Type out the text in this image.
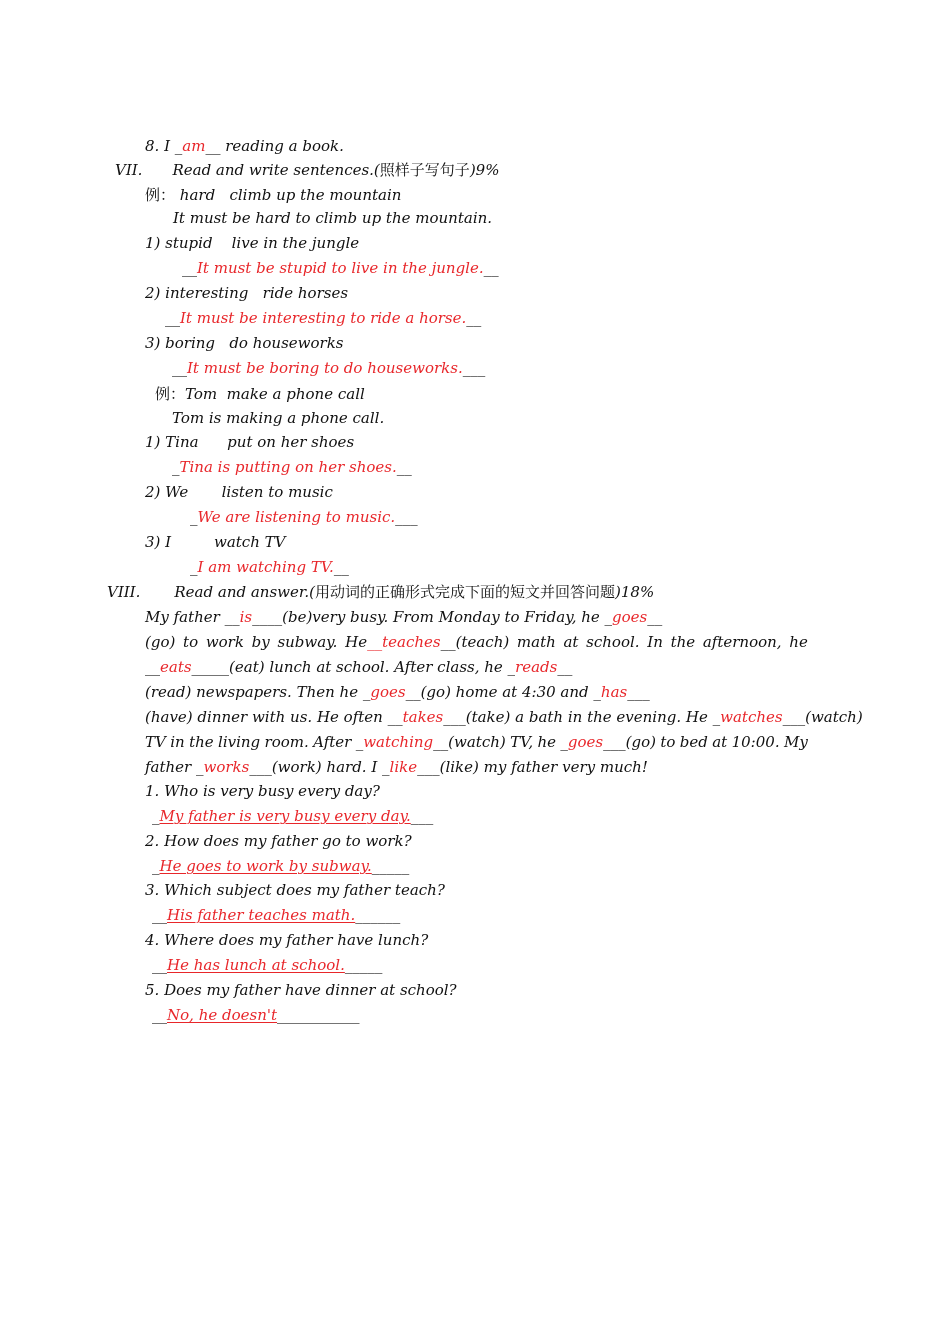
8. I _am__ reading a book.
VII. Read and write sentences.(照样子写句子)9%
例： hard   climb up the mountain
It must be hard to climb up the mountain.
1) stupid    live in the jungle
__It must be stupid to live in the jungle.__
2) interesting   ride horses
__It must be interesting to ride a horse.__
3) boring   do houseworks
__It must be boring to do houseworks.___
例：Tom  make a phone call
Tom is making a phone call.
1) Tina      put on her shoes
_Tina is putting on her shoes.__
2) We       listen to music
_We are listening to music.___
3) I         watch TV
_I am watching TV.__
VIII. Read and answer.(用动词的正确形式完成下面的短文并回答问题)18%
My father __is____(be)very busy. From Monday to Friday, he _goes__
(go) to work by subway. He__teaches__(teach) math at school. In the afternoon, he
__eats_____(eat) lunch at school. After class, he _reads__
(read) newspapers. Then he _goes__(go) home at 4:30 and _has___
(have) dinner with us. He often __takes___(take) a bath in the evening. He _watches___(watch)
TV in the living room. After _watching__(watch) TV, he _goes___(go) to bed at 10:00. My
father _works___(work) hard. I _like___(like) my father very much!
1. Who is very busy every day?
_My father is very busy every day.___
2. How does my father go to work?
_He goes to work by subway._____
3. Which subject does my father teach?
__His father teaches math.______
4. Where does my father have lunch?
__He has lunch at school._____
5. Does my father have dinner at school?
__No, he doesn't___________
